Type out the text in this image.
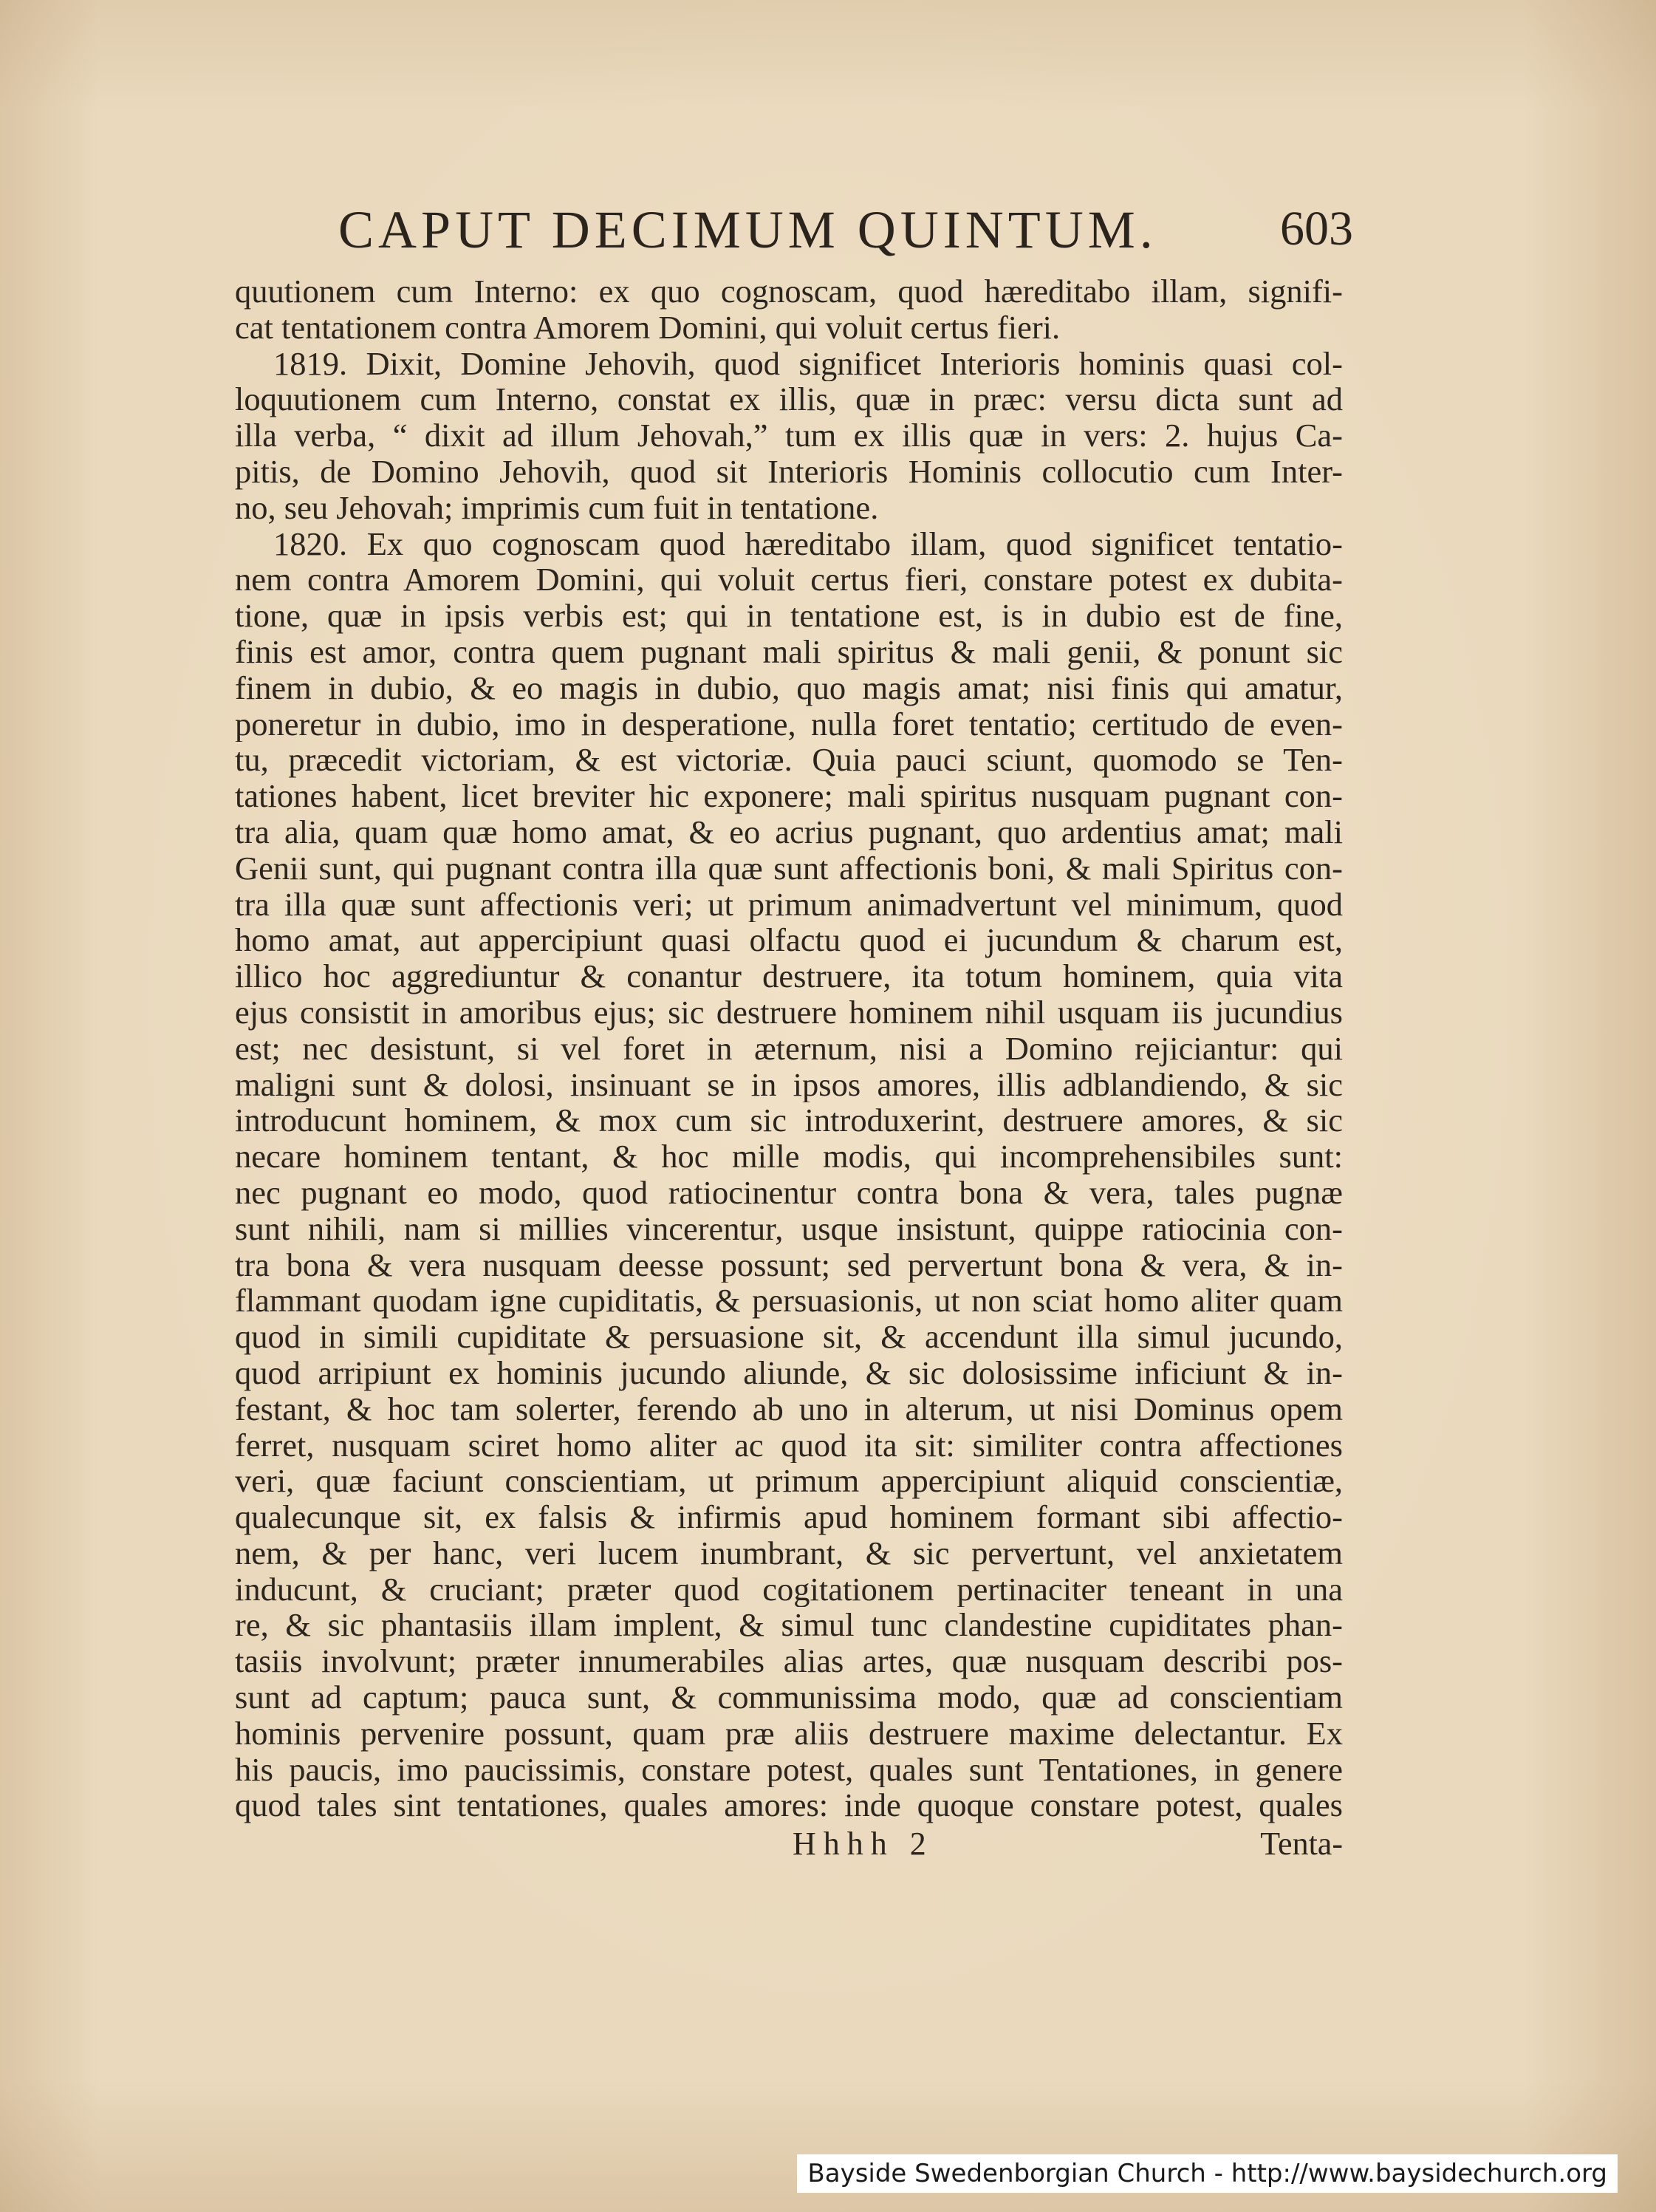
CAPUT DECIMUM QUINTUM.	603
quutionem cum Interno: ex quo cognoscam, quod hæreditabo illam, signifi-
cat tentationem contra Amorem Domini, qui voluit certus fieri.
1819. Dixit, Domine Jehovih, quod significet Interioris hominis quasi col-
loquutionem cum Interno, constat ex illis, quæ in præc: versu dicta sunt ad
illa verba, “ dixit ad illum Jehovah,” tum ex illis quæ in vers: 2. hujus Ca-
pitis, de Domino Jehovih, quod sit Interioris Hominis collocutio cum Inter-
no, seu Jehovah; imprimis cum fuit in tentatione.
1820. Ex quo cognoscam quod hæreditabo illam, quod significet tentatio-
nem contra Amorem Domini, qui voluit certus fieri, constare potest ex dubita-
tione, quæ in ipsis verbis est; qui in tentatione est, is in dubio est de fine,
finis est amor, contra quem pugnant mali spiritus & mali genii, & ponunt sic
finem in dubio, & eo magis in dubio, quo magis amat; nisi finis qui amatur,
poneretur in dubio, imo in desperatione, nulla foret tentatio; certitudo de even-
tu, præcedit victoriam, & est victoriæ. Quia pauci sciunt, quomodo se Ten-
tationes habent, licet breviter hic exponere; mali spiritus nusquam pugnant con-
tra alia, quam quæ homo amat, & eo acrius pugnant, quo ardentius amat; mali
Genii sunt, qui pugnant contra illa quæ sunt affectionis boni, & mali Spiritus con-
tra illa quæ sunt affectionis veri; ut primum animadvertunt vel minimum, quod
homo amat, aut appercipiunt quasi olfactu quod ei jucundum & charum est,
illico hoc aggrediuntur & conantur destruere, ita totum hominem, quia vita
ejus consistit in amoribus ejus; sic destruere hominem nihil usquam iis jucundius
est; nec desistunt, si vel foret in æternum, nisi a Domino rejiciantur: qui
maligni sunt & dolosi, insinuant se in ipsos amores, illis adblandiendo, & sic
introducunt hominem, & mox cum sic introduxerint, destruere amores, & sic
necare hominem tentant, & hoc mille modis, qui incomprehensibiles sunt:
nec pugnant eo modo, quod ratiocinentur contra bona & vera, tales pugnæ
sunt nihili, nam si millies vincerentur, usque insistunt, quippe ratiocinia con-
tra bona & vera nusquam deesse possunt; sed pervertunt bona & vera, & in-
flammant quodam igne cupiditatis, & persuasionis, ut non sciat homo aliter quam
quod in simili cupiditate & persuasione sit, & accendunt illa simul jucundo,
quod arripiunt ex hominis jucundo aliunde, & sic dolosissime inficiunt & in-
festant, & hoc tam solerter, ferendo ab uno in alterum, ut nisi Dominus opem
ferret, nusquam sciret homo aliter ac quod ita sit: similiter contra affectiones
veri, quæ faciunt conscientiam, ut primum appercipiunt aliquid conscientiæ,
qualecunque sit, ex falsis & infirmis apud hominem formant sibi affectio-
nem, & per hanc, veri lucem inumbrant, & sic pervertunt, vel anxietatem
inducunt, & cruciant; præter quod cogitationem pertinaciter teneant in una
re, & sic phantasiis illam implent, & simul tunc clandestine cupiditates phan-
tasiis involvunt; præter innumerabiles alias artes, quæ nusquam describi pos-
sunt ad captum; pauca sunt, & communissima modo, quæ ad conscientiam
hominis pervenire possunt, quam præ aliis destruere maxime delectantur. Ex
his paucis, imo paucissimis, constare potest, quales sunt Tentationes, in genere
quod tales sint tentationes, quales amores: inde quoque constare potest, quales
Hhhh 2	Tenta-
Bayside Swedenborgian Church - http://www.baysidechurch.org
